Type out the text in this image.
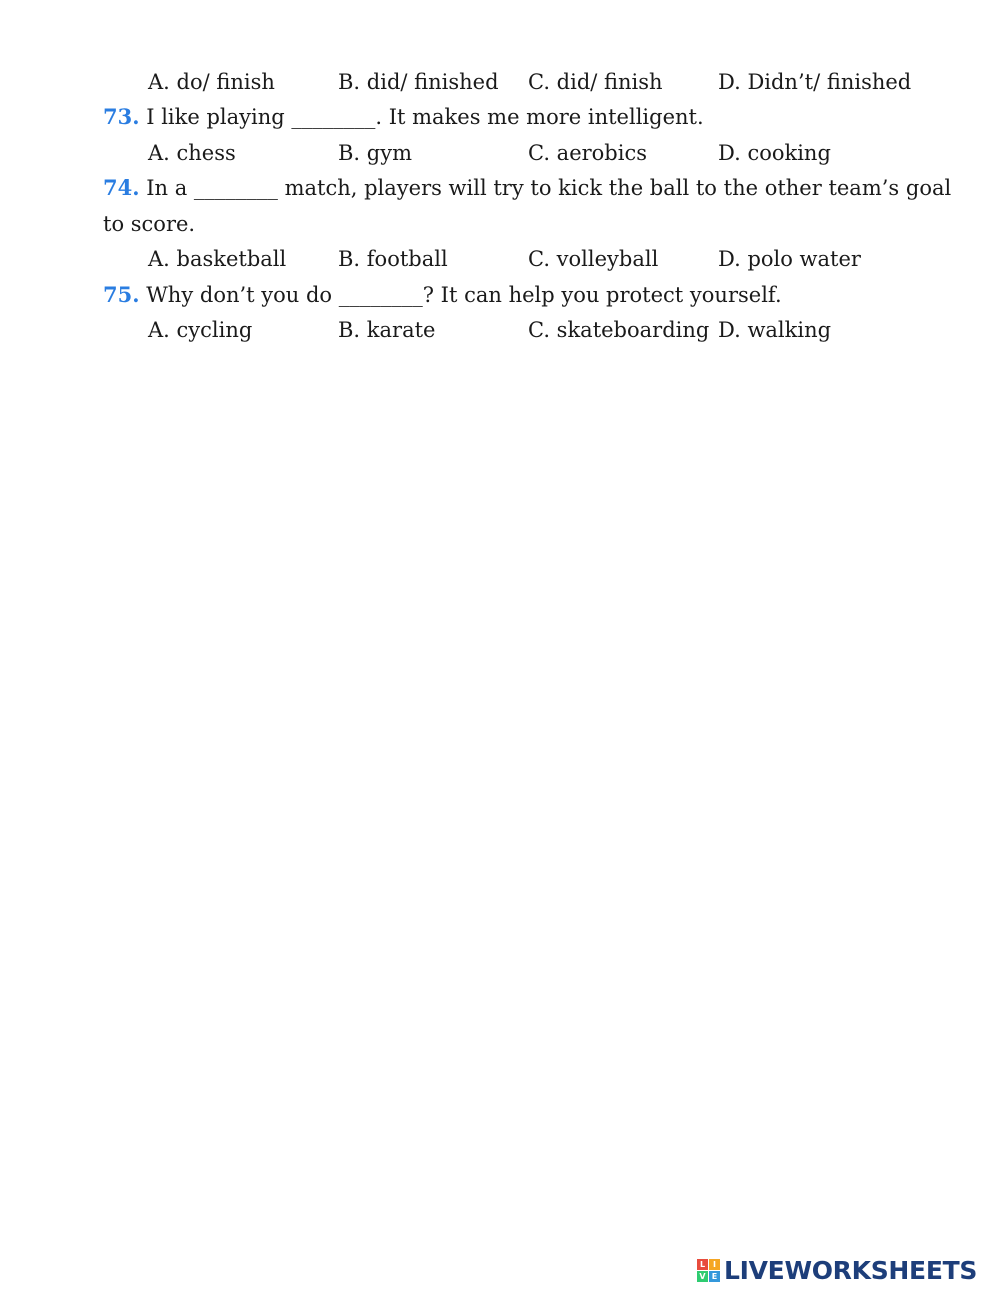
A. do/ finish	B. did/ finished C. did/ finish	D. Didn’t/ finished
73. I like playing ________. It makes me more intelligent.
A. chess	B. gym	C. aerobics	D. cooking
74. In a ________ match, players will try to kick the ball to the other team’s goal
to score.
A. basketball B. football	C. volleyball	D. polo water
75. Why don’t you do ________? It can help you protect yourself.
A. cycling	B. karate	C. skateboarding D. walking
L I
V E LIVEWORKSHEETS
